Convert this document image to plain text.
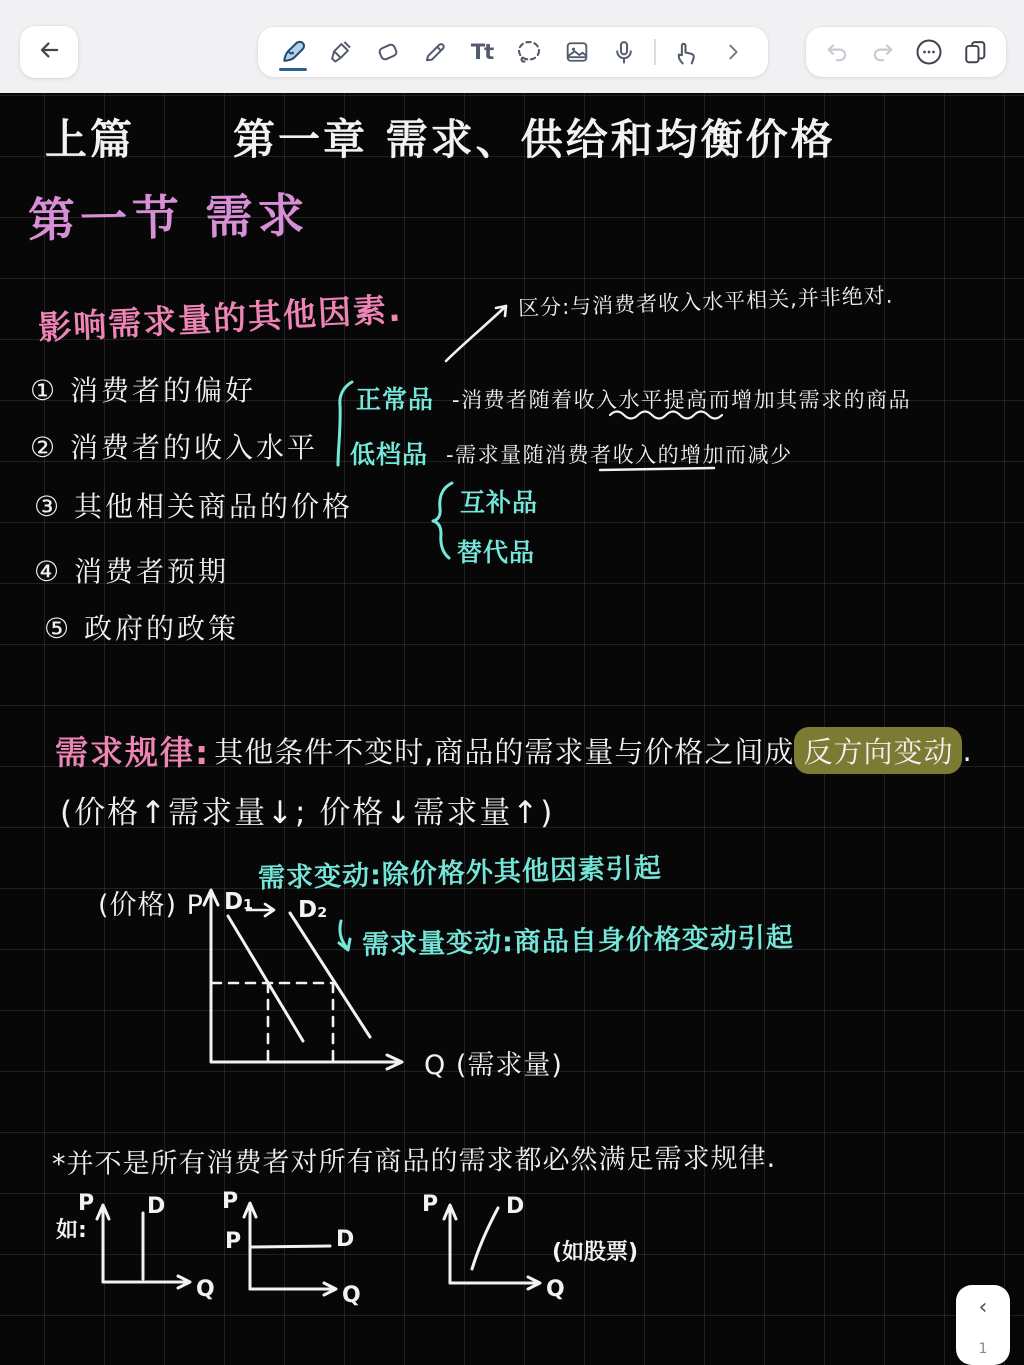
Tt
上篇 第一章 需求、供给和均衡价格
第一节 需求
影响需求量的其他因素.	区分:与消费者收入水平相关,并非绝对.
① 消费者的偏好
② 消费者的收入水平
③ 其他相关商品的价格
④ 消费者预期
⑤ 政府的政策
正常品 -消费者随着收入水平提高而增加其需求的商品
低档品 -需求量随消费者收入的增加而减少
互补品
替代品
需求规律: 其他条件不变时,商品的需求量与价格之间成 反方向变动 .
(价格↑需求量↓; 价格↓需求量↑)
需求变动:除价格外其他因素引起
需求量变动:商品自身价格变动引起
(价格) P D₁ D₂
Q (需求量)
*并不是所有消费者对所有商品的需求都必然满足需求规律.
如:
P D
Q
P
P	D
Q
P	D
Q
(如股票)
‹
1
